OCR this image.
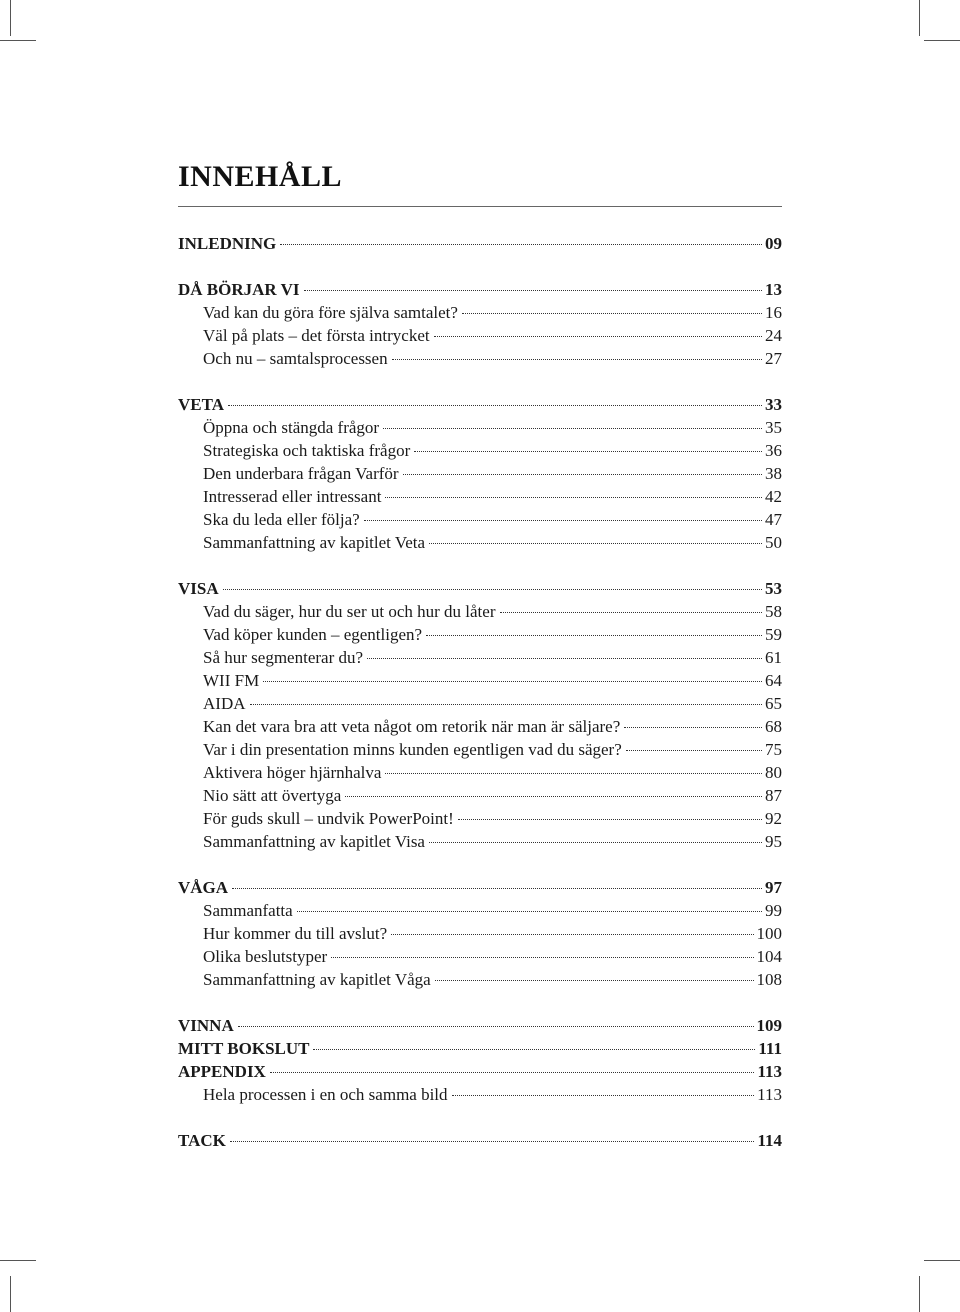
INNEHÅLL
INLEDNING	09
DÅ BÖRJAR VI	13
Vad kan du göra före själva samtalet?	16
Väl på plats – det första intrycket	24
Och nu – samtalsprocessen	27
VETA	33
Öppna och stängda frågor	35
Strategiska och taktiska frågor	36
Den underbara frågan Varför	38
Intresserad eller intressant	42
Ska du leda eller följa?	47
Sammanfattning av kapitlet Veta	50
VISA	53
Vad du säger, hur du ser ut och hur du låter	58
Vad köper kunden – egentligen?	59
Så hur segmenterar du?	61
WII FM	64
AIDA	65
Kan det vara bra att veta något om retorik när man är säljare?	68
Var i din presentation minns kunden egentligen vad du säger?	75
Aktivera höger hjärnhalva	80
Nio sätt att övertyga	87
För guds skull – undvik PowerPoint!	92
Sammanfattning av kapitlet Visa	95
VÅGA	97
Sammanfatta	99
Hur kommer du till avslut?	100
Olika beslutstyper	104
Sammanfattning av kapitlet Våga	108
VINNA	109
MITT BOKSLUT	111
APPENDIX	113
Hela processen i en och samma bild	113
TACK	114
